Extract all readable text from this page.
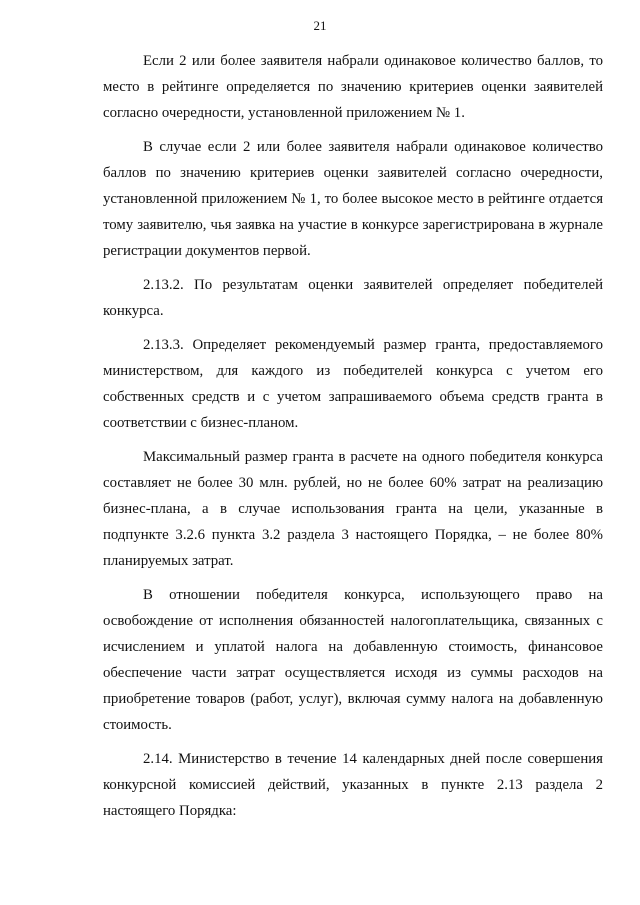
21

Если 2 или более заявителя набрали одинаковое количество баллов, то место в рейтинге определяется по значению критериев оценки заявителей согласно очередности, установленной приложением № 1.

В случае если 2 или более заявителя набрали одинаковое количество баллов по значению критериев оценки заявителей согласно очередности, установленной приложением № 1, то более высокое место в рейтинге отдается тому заявителю, чья заявка на участие в конкурсе зарегистрирована в журнале регистрации документов первой.

2.13.2. По результатам оценки заявителей определяет победителей конкурса.

2.13.3. Определяет рекомендуемый размер гранта, предоставляемого министерством, для каждого из победителей конкурса с учетом его собственных средств и с учетом запрашиваемого объема средств гранта в соответствии с бизнес-планом.

Максимальный размер гранта в расчете на одного победителя конкурса составляет не более 30 млн. рублей, но не более 60% затрат на реализацию бизнес-плана, а в случае использования гранта на цели, указанные в подпункте 3.2.6 пункта 3.2 раздела 3 настоящего Порядка, – не более 80% планируемых затрат.

В отношении победителя конкурса, использующего право на освобождение от исполнения обязанностей налогоплательщика, связанных с исчислением и уплатой налога на добавленную стоимость, финансовое обеспечение части затрат осуществляется исходя из суммы расходов на приобретение товаров (работ, услуг), включая сумму налога на добавленную стоимость.

2.14. Министерство в течение 14 календарных дней после совершения конкурсной комиссией действий, указанных в пункте 2.13 раздела 2 настоящего Порядка:
